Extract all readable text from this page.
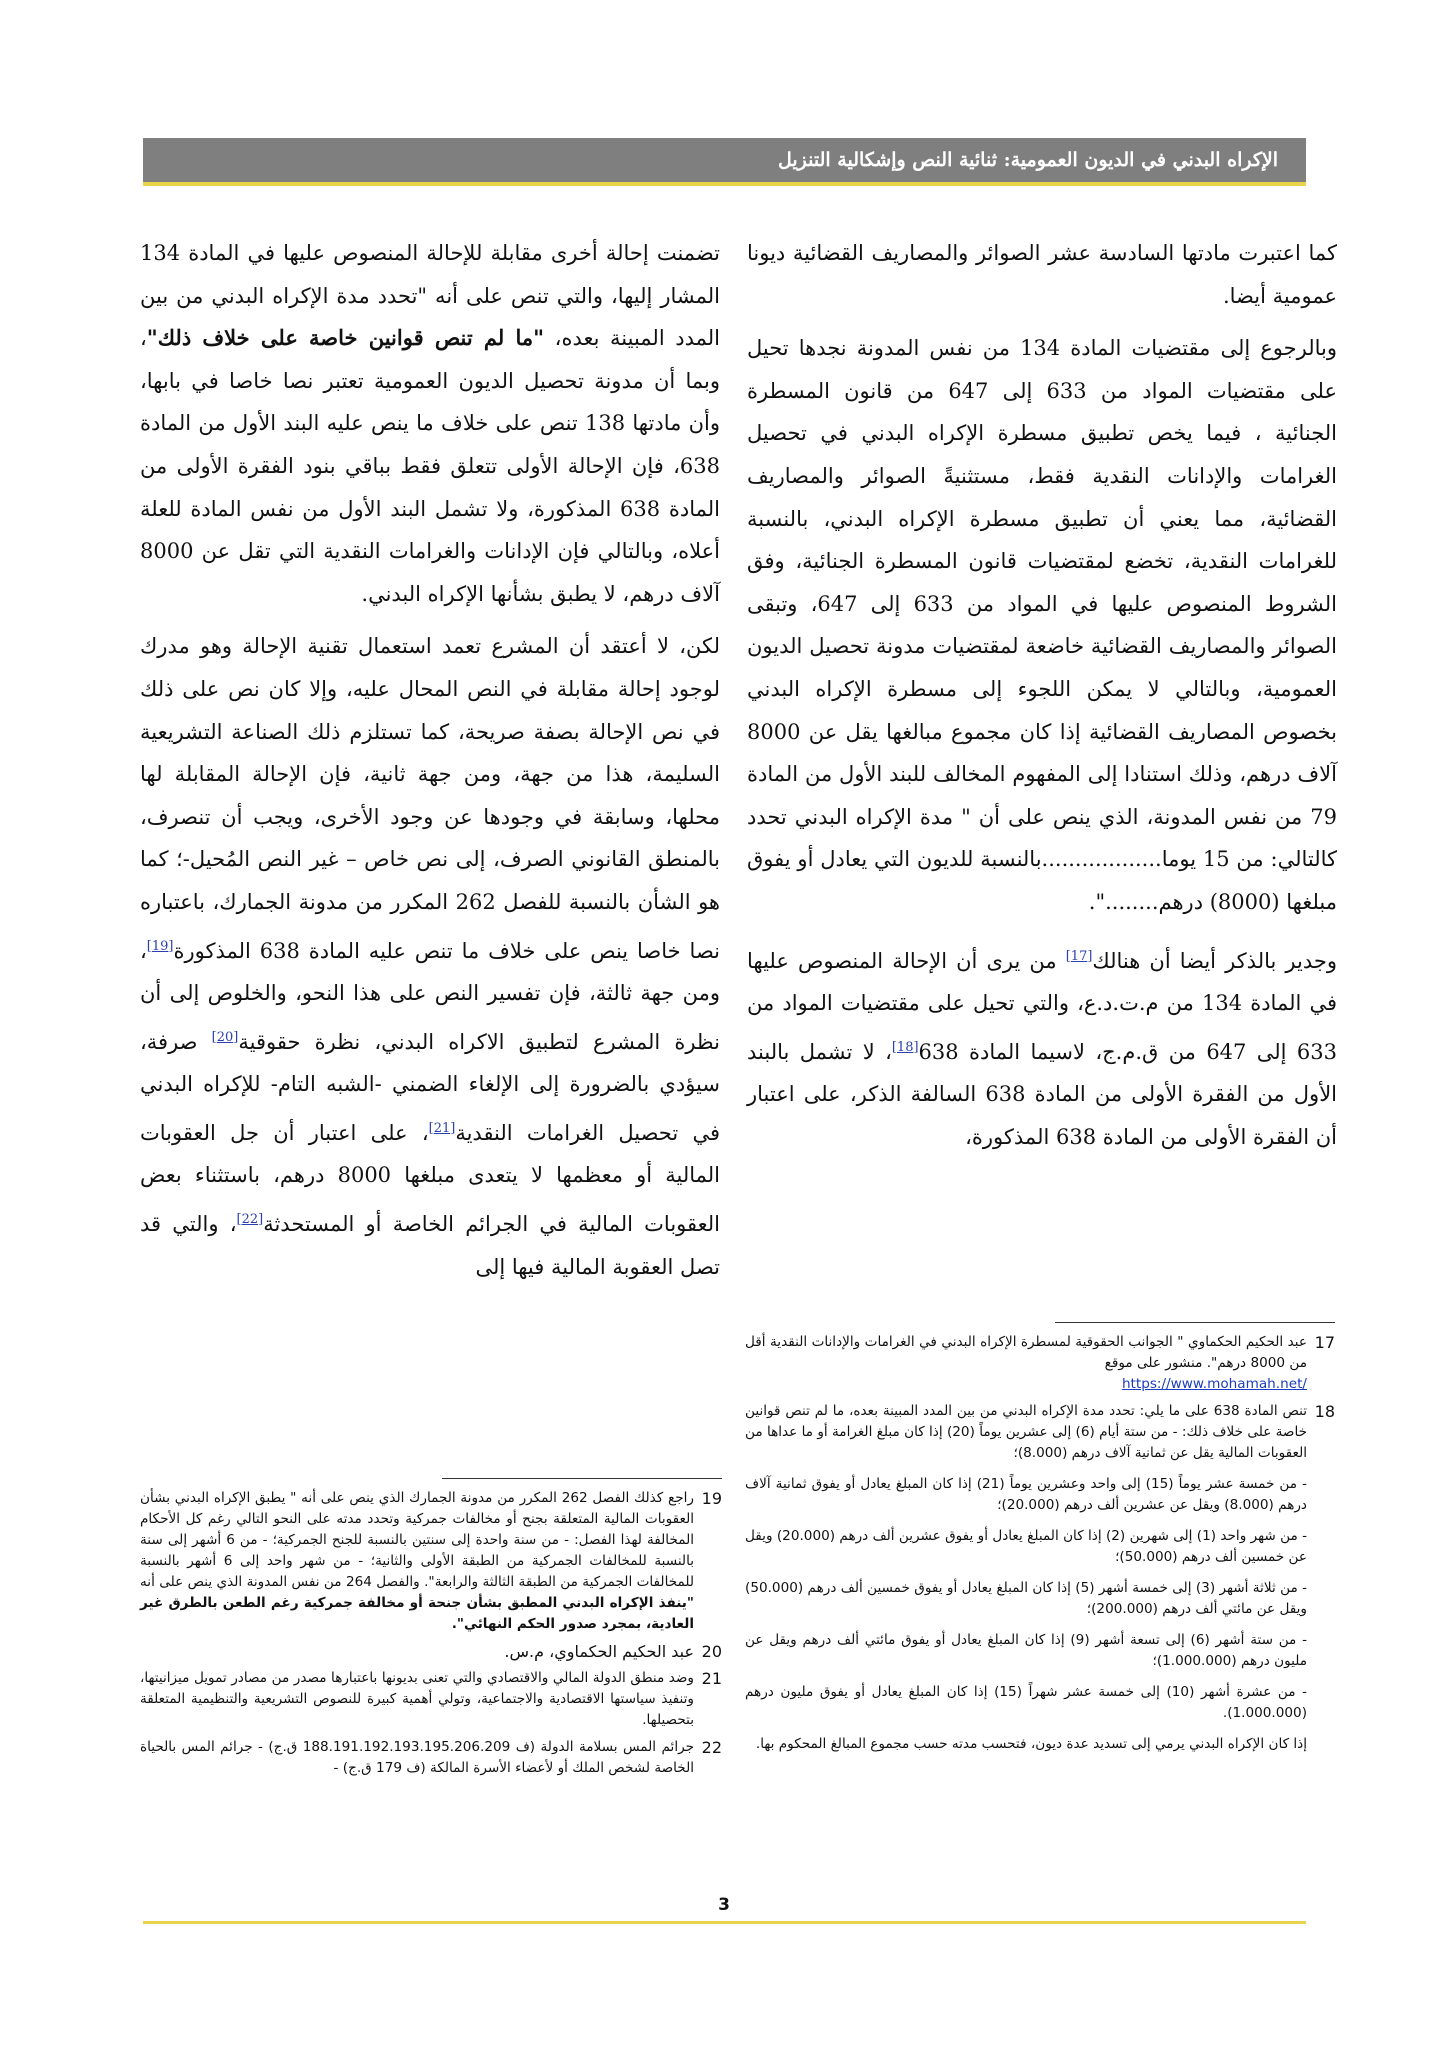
الإكراه البدني في الديون العمومية: ثنائية النص وإشكالية التنزيل

كما اعتبرت مادتها السادسة عشر الصوائر والمصاريف القضائية ديونا عمومية أيضا.

وبالرجوع إلى مقتضيات المادة 134 من نفس المدونة نجدها تحيل على مقتضيات المواد من 633 إلى 647 من قانون المسطرة الجنائية ، فيما يخص تطبيق مسطرة الإكراه البدني في تحصيل الغرامات والإدانات النقدية فقط، مستثنيةً الصوائر والمصاريف القضائية، مما يعني أن تطبيق مسطرة الإكراه البدني، بالنسبة للغرامات النقدية، تخضع لمقتضيات قانون المسطرة الجنائية، وفق الشروط المنصوص عليها في المواد من 633 إلى 647، وتبقى الصوائر والمصاريف القضائية خاضعة لمقتضيات مدونة تحصيل الديون العمومية، وبالتالي لا يمكن اللجوء إلى مسطرة الإكراه البدني بخصوص المصاريف القضائية إذا كان مجموع مبالغها يقل عن 8000 آلاف درهم، وذلك استنادا إلى المفهوم المخالف للبند الأول من المادة 79 من نفس المدونة، الذي ينص على أن " مدة الإكراه البدني تحدد كالتالي: من 15 يوما..................بالنسبة للديون التي يعادل أو يفوق مبلغها (8000) درهم........".

وجدير بالذكر أيضا أن هنالك[17] من يرى أن الإحالة المنصوص عليها في المادة 134 من م.ت.د.ع، والتي تحيل على مقتضيات المواد من 633 إلى 647 من ق.م.ج، لاسيما المادة 638[18]، لا تشمل بالبند الأول من الفقرة الأولى من المادة 638 السالفة الذكر، على اعتبار أن الفقرة الأولى من المادة 638 المذكورة،

تضمنت إحالة أخرى مقابلة للإحالة المنصوص عليها في المادة 134 المشار إليها، والتي تنص على أنه "تحدد مدة الإكراه البدني من بين المدد المبينة بعده، "ما لم تنص قوانين خاصة على خلاف ذلك"، وبما أن مدونة تحصيل الديون العمومية تعتبر نصا خاصا في بابها، وأن مادتها 138 تنص على خلاف ما ينص عليه البند الأول من المادة 638، فإن الإحالة الأولى تتعلق فقط بباقي بنود الفقرة الأولى من المادة 638 المذكورة، ولا تشمل البند الأول من نفس المادة للعلة أعلاه، وبالتالي فإن الإدانات والغرامات النقدية التي تقل عن 8000 آلاف درهم، لا يطبق بشأنها الإكراه البدني.

لكن، لا أعتقد أن المشرع تعمد استعمال تقنية الإحالة وهو مدرك لوجود إحالة مقابلة في النص المحال عليه، وإلا كان نص على ذلك في نص الإحالة بصفة صريحة، كما تستلزم ذلك الصناعة التشريعية السليمة، هذا من جهة، ومن جهة ثانية، فإن الإحالة المقابلة لها محلها، وسابقة في وجودها عن وجود الأخرى، ويجب أن تنصرف، بالمنطق القانوني الصرف، إلى نص خاص – غير النص المُحيل-؛ كما هو الشأن بالنسبة للفصل 262 المكرر من مدونة الجمارك، باعتباره نصا خاصا ينص على خلاف ما تنص عليه المادة 638 المذكورة[19]، ومن جهة ثالثة، فإن تفسير النص على هذا النحو، والخلوص إلى أن نظرة المشرع لتطبيق الاكراه البدني، نظرة حقوقية[20] صرفة، سيؤدي بالضرورة إلى الإلغاء الضمني -الشبه التام- للإكراه البدني في تحصيل الغرامات النقدية[21]، على اعتبار أن جل العقوبات المالية أو معظمها لا يتعدى مبلغها 8000 درهم، باستثناء بعض العقوبات المالية في الجرائم الخاصة أو المستحدثة[22]، والتي قد تصل العقوبة المالية فيها إلى

17
عبد الحكيم الحكماوي " الجوانب الحقوقية لمسطرة الإكراه البدني في الغرامات والإدانات النقدية أقل من 8000 درهم". منشور على موقع
https://www.mohamah.net/
18

تنص المادة 638 على ما يلي: تحدد مدة الإكراه البدني من بين المدد المبينة بعده، ما لم تنص قوانين خاصة على خلاف ذلك: - من ستة أيام (6) إلى عشرين يوماً (20) إذا كان مبلغ الغرامة أو ما عداها من العقوبات المالية يقل عن ثمانية آلاف درهم (8.000)؛

- من خمسة عشر يوماً (15) إلى واحد وعشرين يوماً (21) إذا كان المبلغ يعادل أو يفوق ثمانية آلاف درهم (8.000) ويقل عن عشرين ألف درهم (20.000)؛

- من شهر واحد (1) إلى شهرين (2) إذا كان المبلغ يعادل أو يفوق عشرين ألف درهم (20.000) ويقل عن خمسين ألف درهم (50.000)؛

- من ثلاثة أشهر (3) إلى خمسة أشهر (5) إذا كان المبلغ يعادل أو يفوق خمسين ألف درهم (50.000) ويقل عن مائتي ألف درهم (200.000)؛

- من ستة أشهر (6) إلى تسعة أشهر (9) إذا كان المبلغ يعادل أو يفوق مائتي ألف درهم ويقل عن مليون درهم (1.000.000)؛

- من عشرة أشهر (10) إلى خمسة عشر شهراً (15) إذا كان المبلغ يعادل أو يفوق مليون درهم (1.000.000).

إذا كان الإكراه البدني يرمي إلى تسديد عدة ديون، فتحسب مدته حسب مجموع المبالغ المحكوم بها.

19
راجع كذلك الفصل 262 المكرر من مدونة الجمارك الذي ينص على أنه " يطبق الإكراه البدني بشأن العقوبات المالية المتعلقة بجنح أو مخالفات جمركية وتحدد مدته على النحو التالي رغم كل الأحكام المخالفة لهذا الفصل: - من سنة واحدة إلى سنتين بالنسبة للجنح الجمركية؛ - من 6 أشهر إلى سنة بالنسبة للمخالفات الجمركية من الطبقة الأولى والثانية؛ - من شهر واحد إلى 6 أشهر بالنسبة للمخالفات الجمركية من الطبقة الثالثة والرابعة". والفصل 264 من نفس المدونة الذي ينص على أنه "ينفذ الإكراه البدني المطبق بشأن جنحة أو مخالفة جمركية رغم الطعن بالطرق غير العادية، بمجرد صدور الحكم النهائي".
20
عبد الحكيم الحكماوي، م.س.
21
وضد منطق الدولة المالي والاقتصادي والتي تعنى بديونها باعتبارها مصدر من مصادر تمويل ميزانيتها، وتنفيذ سياستها الاقتصادية والاجتماعية، وتولي أهمية كبيرة للنصوص التشريعية والتنظيمية المتعلقة بتحصيلها.
22
جرائم المس بسلامة الدولة (ف 188.191.192.193.195.206.209 ق.ج) - جرائم المس بالحياة الخاصة لشخص الملك أو لأعضاء الأسرة المالكة (ف 179 ق.ج) -
3
